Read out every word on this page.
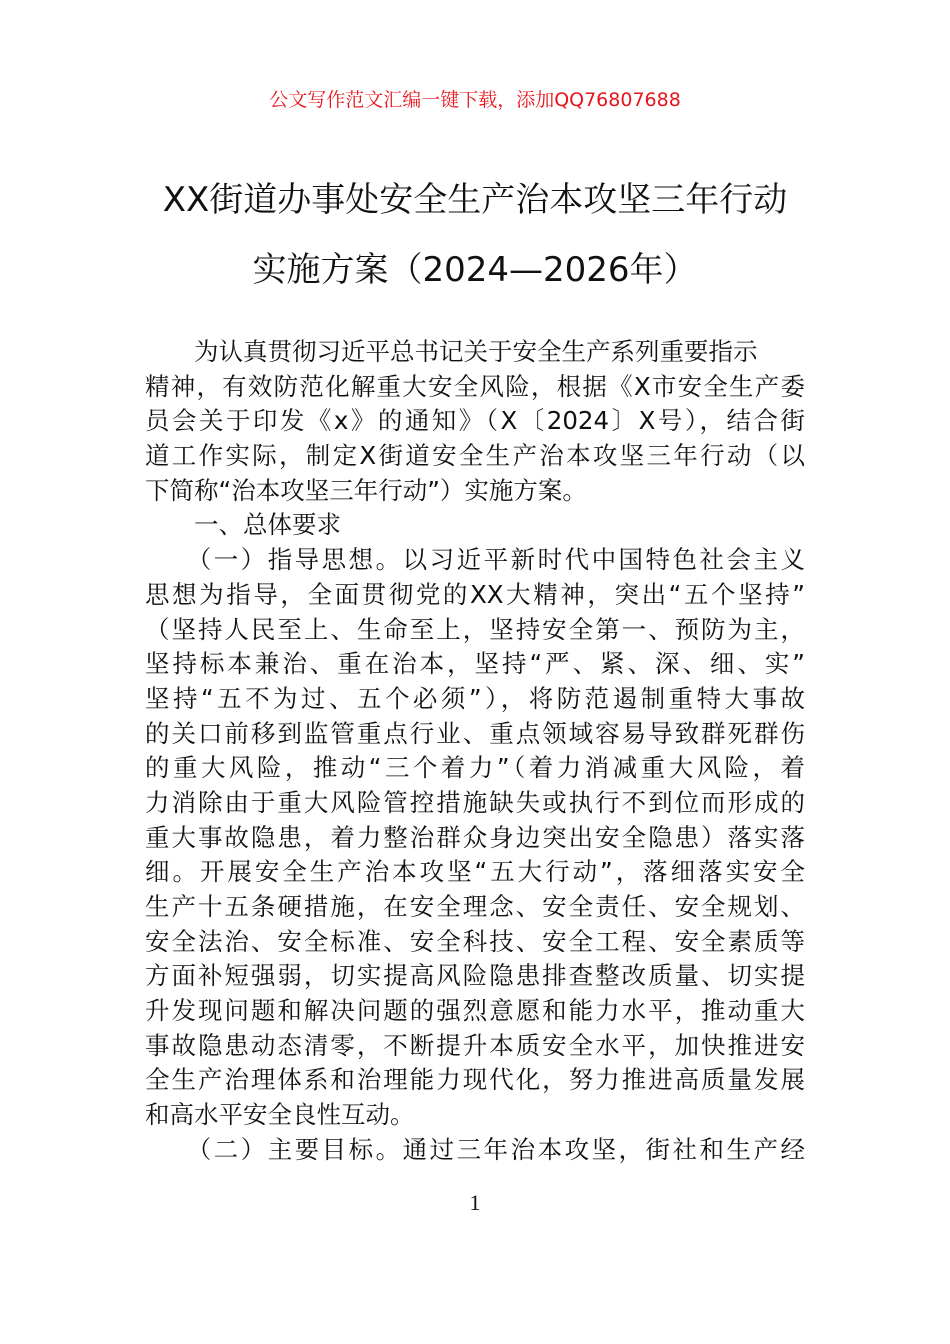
公文写作范文汇编一键下载，添加QQ76807688
XX街道办事处安全生产治本攻坚三年行动
实施方案（2024—2026年）
　　为认真贯彻习近平总书记关于安全生产系列重要指示
精神，有效防范化解重大安全风险，根据《X市安全生产委
员会关于印发《x》的通知》（X〔2024〕X号），结合街
道工作实际，制定X街道安全生产治本攻坚三年行动（以
下简称“治本攻坚三年行动”）实施方案。
　　一、总体要求
　　（一）指导思想。以习近平新时代中国特色社会主义
思想为指导，全面贯彻党的XX大精神，突出“五个坚持”
（坚持人民至上、生命至上，坚持安全第一、预防为主，
坚持标本兼治、重在治本，坚持“严、紧、深、细、实”
坚持“五不为过、五个必须”），将防范遏制重特大事故
的关口前移到监管重点行业、重点领域容易导致群死群伤
的重大风险，推动“三个着力”（着力消减重大风险，着
力消除由于重大风险管控措施缺失或执行不到位而形成的
重大事故隐患，着力整治群众身边突出安全隐患）落实落
细。开展安全生产治本攻坚“五大行动”，落细落实安全
生产十五条硬措施，在安全理念、安全责任、安全规划、
安全法治、安全标准、安全科技、安全工程、安全素质等
方面补短强弱，切实提高风险隐患排查整改质量、切实提
升发现问题和解决问题的强烈意愿和能力水平，推动重大
事故隐患动态清零，不断提升本质安全水平，加快推进安
全生产治理体系和治理能力现代化，努力推进高质量发展
和高水平安全良性互动。
　　（二）主要目标。通过三年治本攻坚，街社和生产经
1
